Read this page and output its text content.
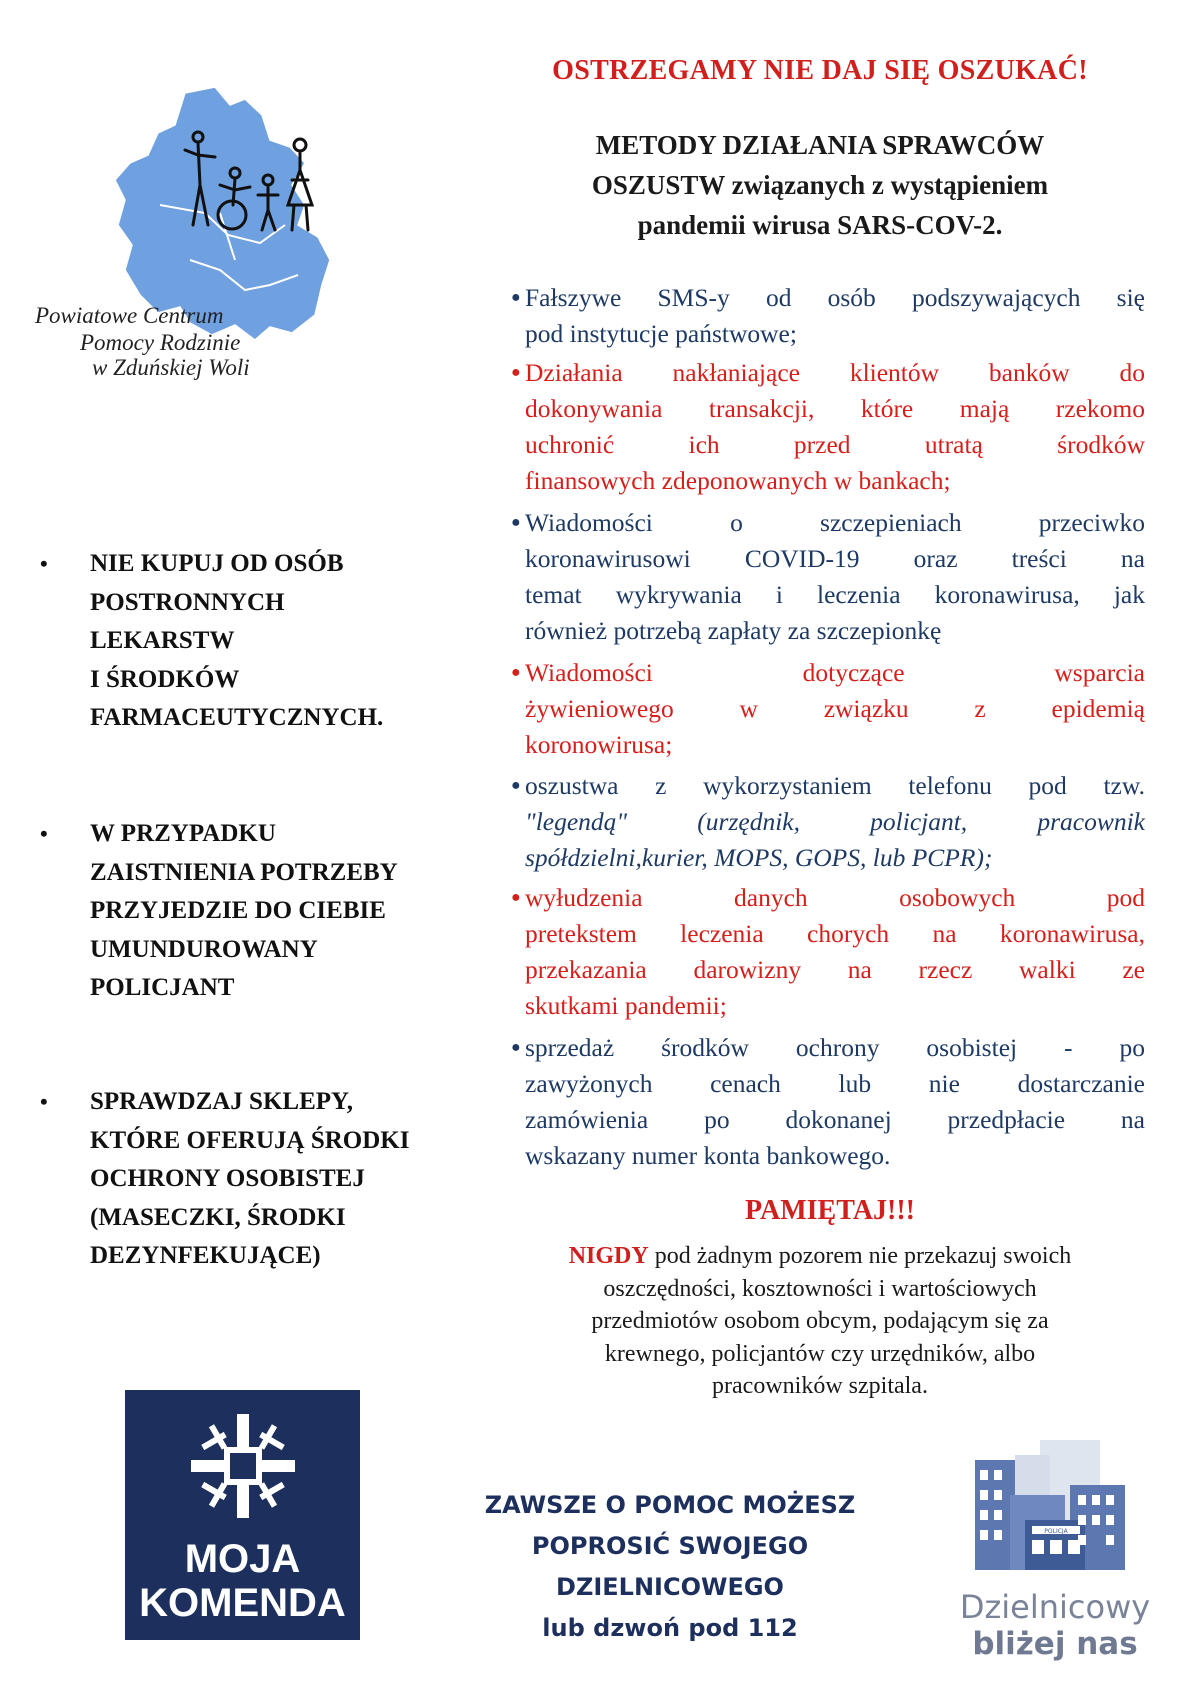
Powiatowe Centrum
Pomocy Rodzinie
w Zduńskiej Woli
• NIE KUPUJ OD OSÓB
POSTRONNYCH
LEKARSTW
I ŚRODKÓW
FARMACEUTYCZNYCH.
• W PRZYPADKU
ZAISTNIENIA POTRZEBY
PRZYJEDZIE DO CIEBIE
UMUNDUROWANY
POLICJANT
• SPRAWDZAJ SKLEPY,
KTÓRE OFERUJĄ ŚRODKI
OCHRONY OSOBISTEJ
(MASECZKI, ŚRODKI
DEZYNFEKUJĄCE)
OSTRZEGAMY NIE DAJ SIĘ OSZUKAĆ!
METODY DZIAŁANIA SPRAWCÓW
OSZUSTW związanych z wystąpieniem
pandemii wirusa SARS-COV-2.
● Fałszywe SMS-y od osób podszywających się
pod instytucje państwowe;
● Działania nakłaniające klientów banków do
dokonywania transakcji, które mają rzekomo
uchronić ich przed utratą środków
finansowych zdeponowanych w bankach;
● Wiadomości o szczepieniach przeciwko
koronawirusowi COVID-19 oraz treści na
temat wykrywania i leczenia koronawirusa, jak
również potrzebą zapłaty za szczepionkę
● Wiadomości dotyczące wsparcia
żywieniowego w związku z epidemią
koronowirusa;
● oszustwa z wykorzystaniem telefonu pod tzw.
"legendą" (urzędnik, policjant, pracownik
spółdzielni,kurier, MOPS, GOPS, lub PCPR);
● wyłudzenia danych osobowych pod
pretekstem leczenia chorych na koronawirusa,
przekazania darowizny na rzecz walki ze
skutkami pandemii;
● sprzedaż środków ochrony osobistej - po
zawyżonych cenach lub nie dostarczanie
zamówienia po dokonanej przedpłacie na
wskazany numer konta bankowego.
PAMIĘTAJ!!!
NIGDY pod żadnym pozorem nie przekazuj swoich
oszczędności, kosztowności i wartościowych
przedmiotów osobom obcym, podającym się za
krewnego, policjantów czy urzędników, albo
pracowników szpitala.
MOJA
KOMENDA
ZAWSZE O POMOC MOŻESZ
POPROSIĆ SWOJEGO
DZIELNICOWEGO
lub dzwoń pod 112
POLICJA
Dzielnicowy
bliżej nas
